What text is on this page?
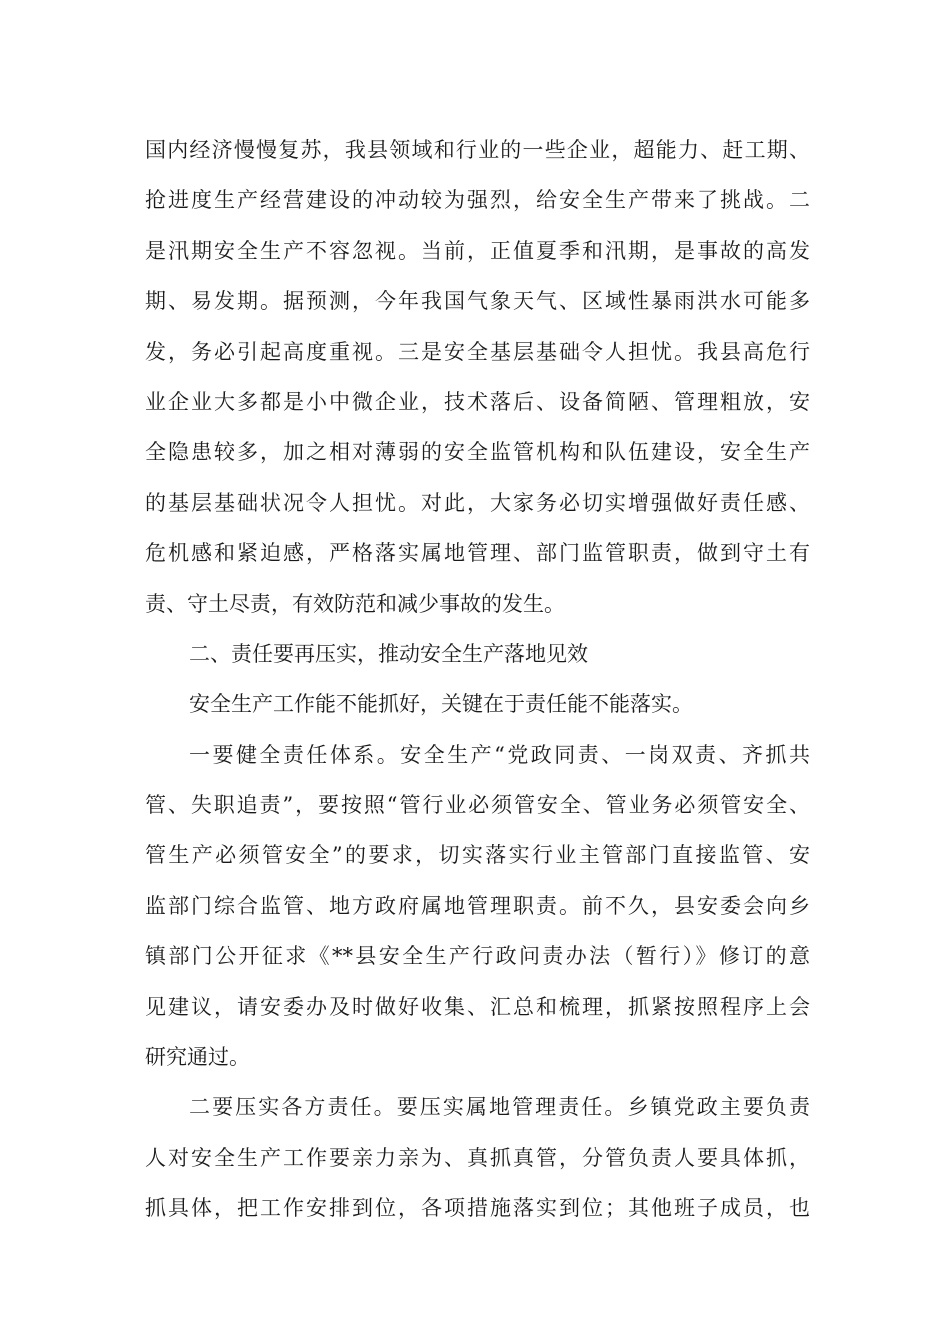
国内经济慢慢复苏，我县领域和行业的一些企业，超能力、赶工期、
抢进度生产经营建设的冲动较为强烈，给安全生产带来了挑战。二
是汛期安全生产不容忽视。当前，正值夏季和汛期，是事故的高发
期、易发期。据预测，今年我国气象天气、区域性暴雨洪水可能多
发，务必引起高度重视。三是安全基层基础令人担忧。我县高危行
业企业大多都是小中微企业，技术落后、设备简陋、管理粗放，安
全隐患较多，加之相对薄弱的安全监管机构和队伍建设，安全生产
的基层基础状况令人担忧。对此，大家务必切实增强做好责任感、
危机感和紧迫感，严格落实属地管理、部门监管职责，做到守土有
责、守土尽责，有效防范和减少事故的发生。
二、责任要再压实，推动安全生产落地见效
安全生产工作能不能抓好，关键在于责任能不能落实。
一要健全责任体系。安全生产“党政同责、一岗双责、齐抓共
管、失职追责”，要按照“管行业必须管安全、管业务必须管安全、
管生产必须管安全”的要求，切实落实行业主管部门直接监管、安
监部门综合监管、地方政府属地管理职责。前不久，县安委会向乡
镇部门公开征求《**县安全生产行政问责办法（暂行）》修订的意
见建议，请安委办及时做好收集、汇总和梳理，抓紧按照程序上会
研究通过。
二要压实各方责任。要压实属地管理责任。乡镇党政主要负责
人对安全生产工作要亲力亲为、真抓真管，分管负责人要具体抓，
抓具体，把工作安排到位，各项措施落实到位；其他班子成员，也
